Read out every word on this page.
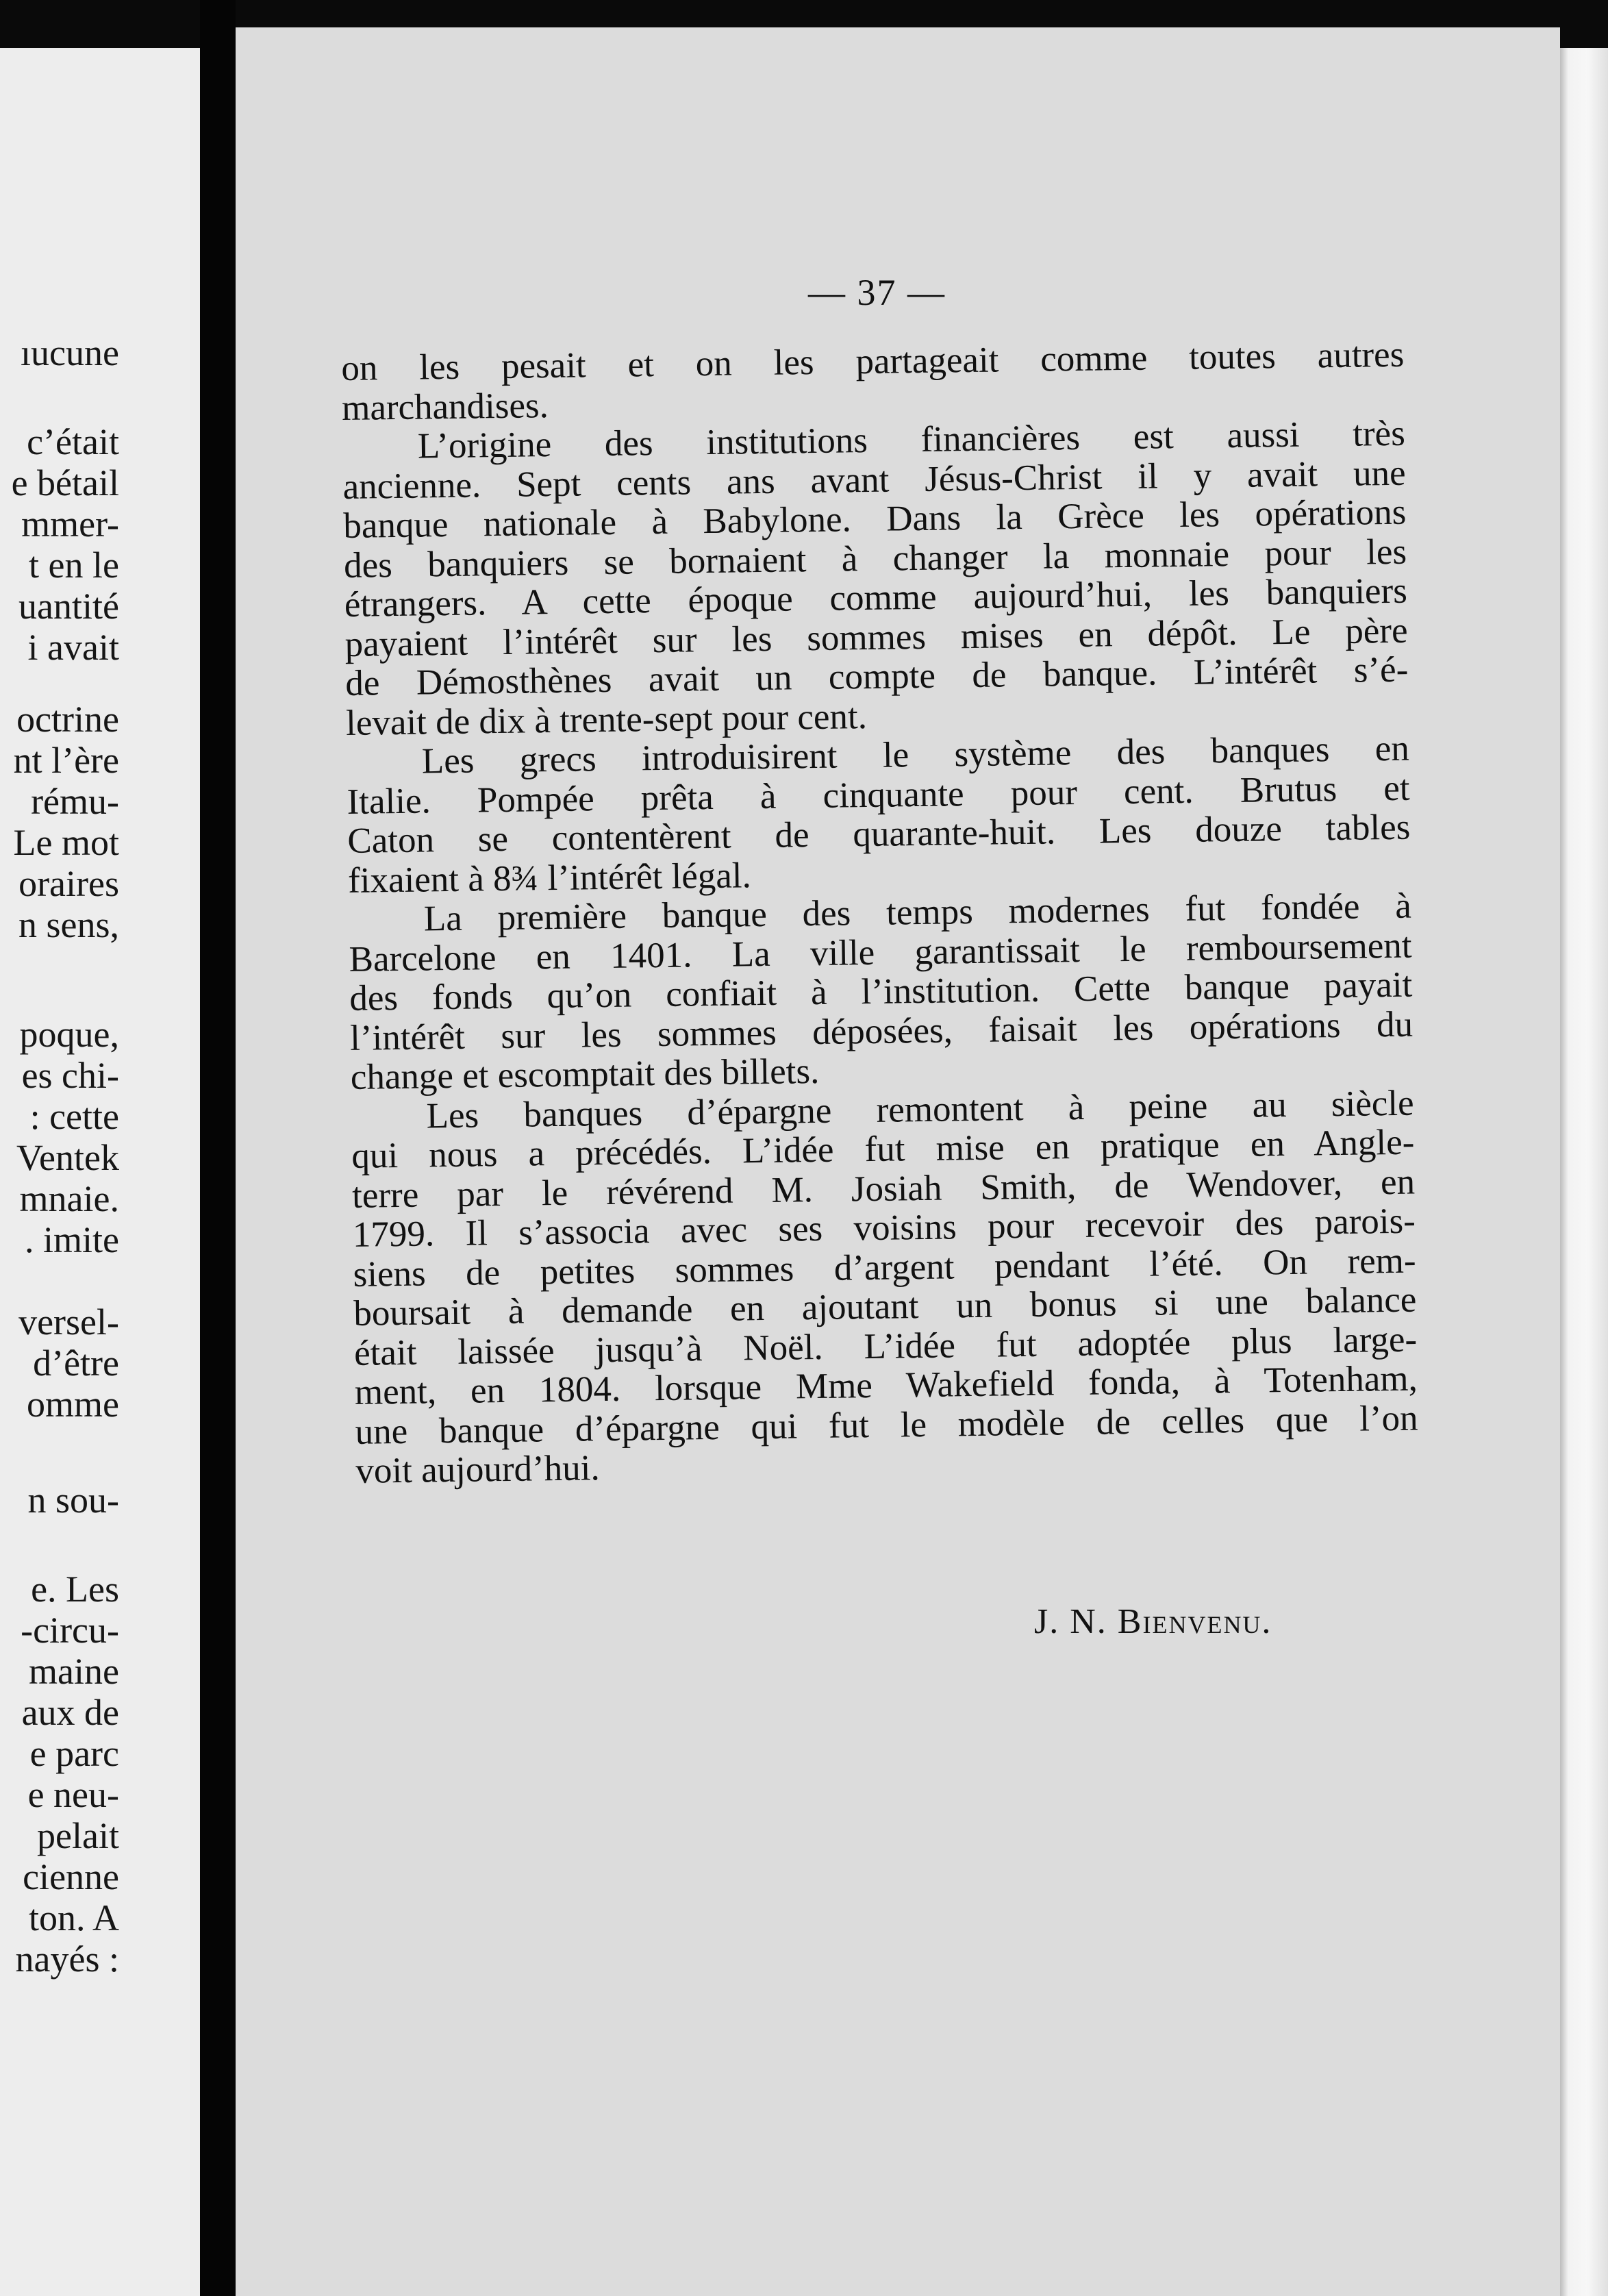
ıucune
c’était
e bétail
mmer-
t en le
uantité
i avait
octrine
nt l’ère
rému-
Le mot
oraires
n sens,
poque,
es chi-
: cette
Ventek
mnaie.
. imite
versel-
d’être
omme
n sou-
e. Les
-circu-
maine
aux de
e parc
e neu-
pelait
cienne
ton. A
nayés :
— 37 —

on les pesait et on les partageait comme toutes autres

marchandises.

L’origine des institutions financières est aussi très

ancienne. Sept cents ans avant Jésus-Christ il y avait une

banque nationale à Babylone. Dans la Grèce les opérations

des banquiers se bornaient à changer la monnaie pour les

étrangers. A cette époque comme aujourd’hui, les banquiers

payaient l’intérêt sur les sommes mises en dépôt. Le père

de Démosthènes avait un compte de banque. L’intérêt s’é-

levait de dix à trente-sept pour cent.

Les grecs introduisirent le système des banques en

Italie. Pompée prêta à cinquante pour cent. Brutus et

Caton se contentèrent de quarante-huit. Les douze tables

fixaient à 8¾ l’intérêt légal.

La première banque des temps modernes fut fondée à

Barcelone en 1401. La ville garantissait le remboursement

des fonds qu’on confiait à l’institution. Cette banque payait

l’intérêt sur les sommes déposées, faisait les opérations du

change et escomptait des billets.

Les banques d’épargne remontent à peine au siècle

qui nous a précédés. L’idée fut mise en pratique en Angle-

terre par le révérend M. Josiah Smith, de Wendover, en

1799. Il s’associa avec ses voisins pour recevoir des parois-

siens de petites sommes d’argent pendant l’été. On rem-

boursait à demande en ajoutant un bonus si une balance

était laissée jusqu’à Noël. L’idée fut adoptée plus large-

ment, en 1804. lorsque Mme Wakefield fonda, à Totenham,

une banque d’épargne qui fut le modèle de celles que l’on

voit aujourd’hui.

J. N. Bienvenu.
